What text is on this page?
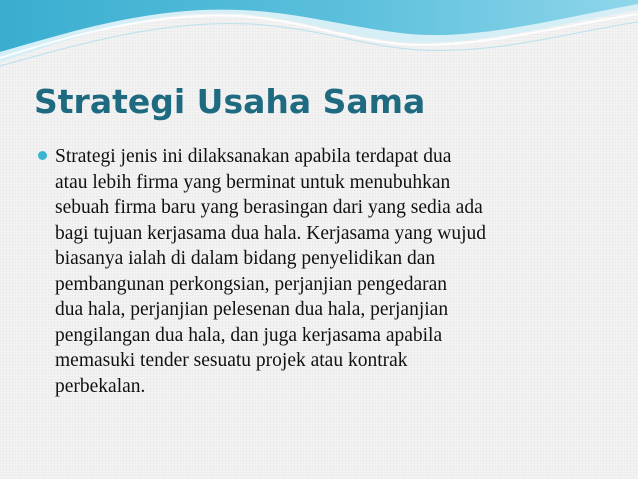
Strategi Usaha Sama
Strategi jenis ini dilaksanakan apabila terdapat dua
atau lebih firma yang berminat untuk menubuhkan
sebuah firma baru yang berasingan dari yang sedia ada
bagi tujuan kerjasama dua hala. Kerjasama yang wujud
biasanya ialah di dalam bidang penyelidikan dan
pembangunan perkongsian, perjanjian pengedaran
dua hala, perjanjian pelesenan dua hala, perjanjian
pengilangan dua hala, dan juga kerjasama apabila
memasuki tender sesuatu projek atau kontrak
perbekalan.
